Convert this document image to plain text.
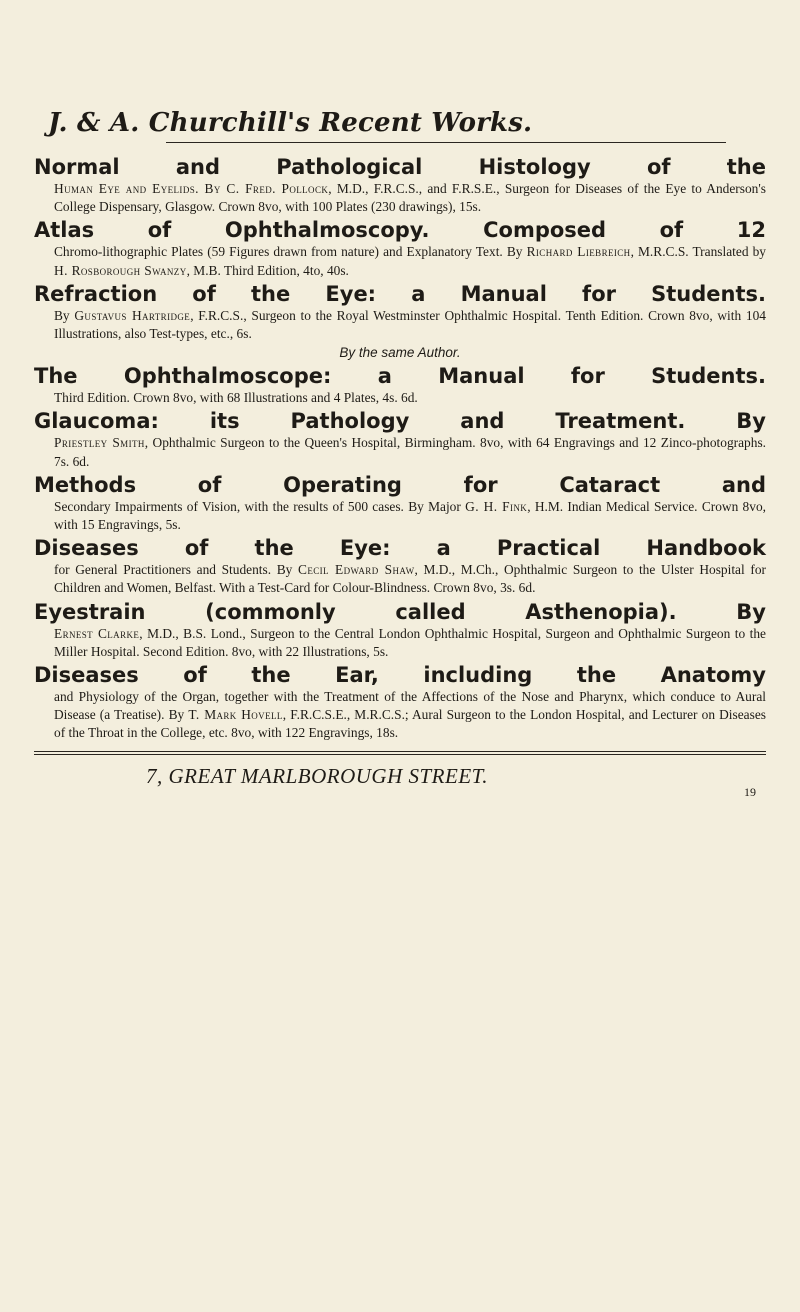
J. & A. Churchill's Recent Works.
Normal and Pathological Histology of the
Human Eye and Eyelids. By C. Fred. Pollock, M.D., F.R.C.S., and F.R.S.E., Surgeon for Diseases of the Eye to Anderson's College Dispensary, Glasgow. Crown 8vo, with 100 Plates (230 drawings), 15s.
Atlas of Ophthalmoscopy. Composed of 12
Chromo-lithographic Plates (59 Figures drawn from nature) and Explanatory Text. By Richard Liebreich, M.R.C.S. Translated by H. Rosborough Swanzy, M.B. Third Edition, 4to, 40s.
Refraction of the Eye: a Manual for Students.
By Gustavus Hartridge, F.R.C.S., Surgeon to the Royal Westminster Ophthalmic Hospital. Tenth Edition. Crown 8vo, with 104 Illustrations, also Test-types, etc., 6s.
By the same Author.
The Ophthalmoscope: a Manual for Students.
Third Edition. Crown 8vo, with 68 Illustrations and 4 Plates, 4s. 6d.
Glaucoma: its Pathology and Treatment. By
Priestley Smith, Ophthalmic Surgeon to the Queen's Hospital, Birmingham. 8vo, with 64 Engravings and 12 Zinco-photographs. 7s. 6d.
Methods of Operating for Cataract and
Secondary Impairments of Vision, with the results of 500 cases. By Major G. H. Fink, H.M. Indian Medical Service. Crown 8vo, with 15 Engravings, 5s.
Diseases of the Eye: a Practical Handbook
for General Practitioners and Students. By Cecil Edward Shaw, M.D., M.Ch., Ophthalmic Surgeon to the Ulster Hospital for Children and Women, Belfast. With a Test-Card for Colour-Blindness. Crown 8vo, 3s. 6d.
Eyestrain (commonly called Asthenopia). By
Ernest Clarke, M.D., B.S. Lond., Surgeon to the Central London Ophthalmic Hospital, Surgeon and Ophthalmic Surgeon to the Miller Hospital. Second Edition. 8vo, with 22 Illustrations, 5s.
Diseases of the Ear, including the Anatomy
and Physiology of the Organ, together with the Treatment of the Affections of the Nose and Pharynx, which conduce to Aural Disease (a Treatise). By T. Mark Hovell, F.R.C.S.E., M.R.C.S.; Aural Surgeon to the London Hospital, and Lecturer on Diseases of the Throat in the College, etc. 8vo, with 122 Engravings, 18s.
7, GREAT MARLBOROUGH STREET.
19
